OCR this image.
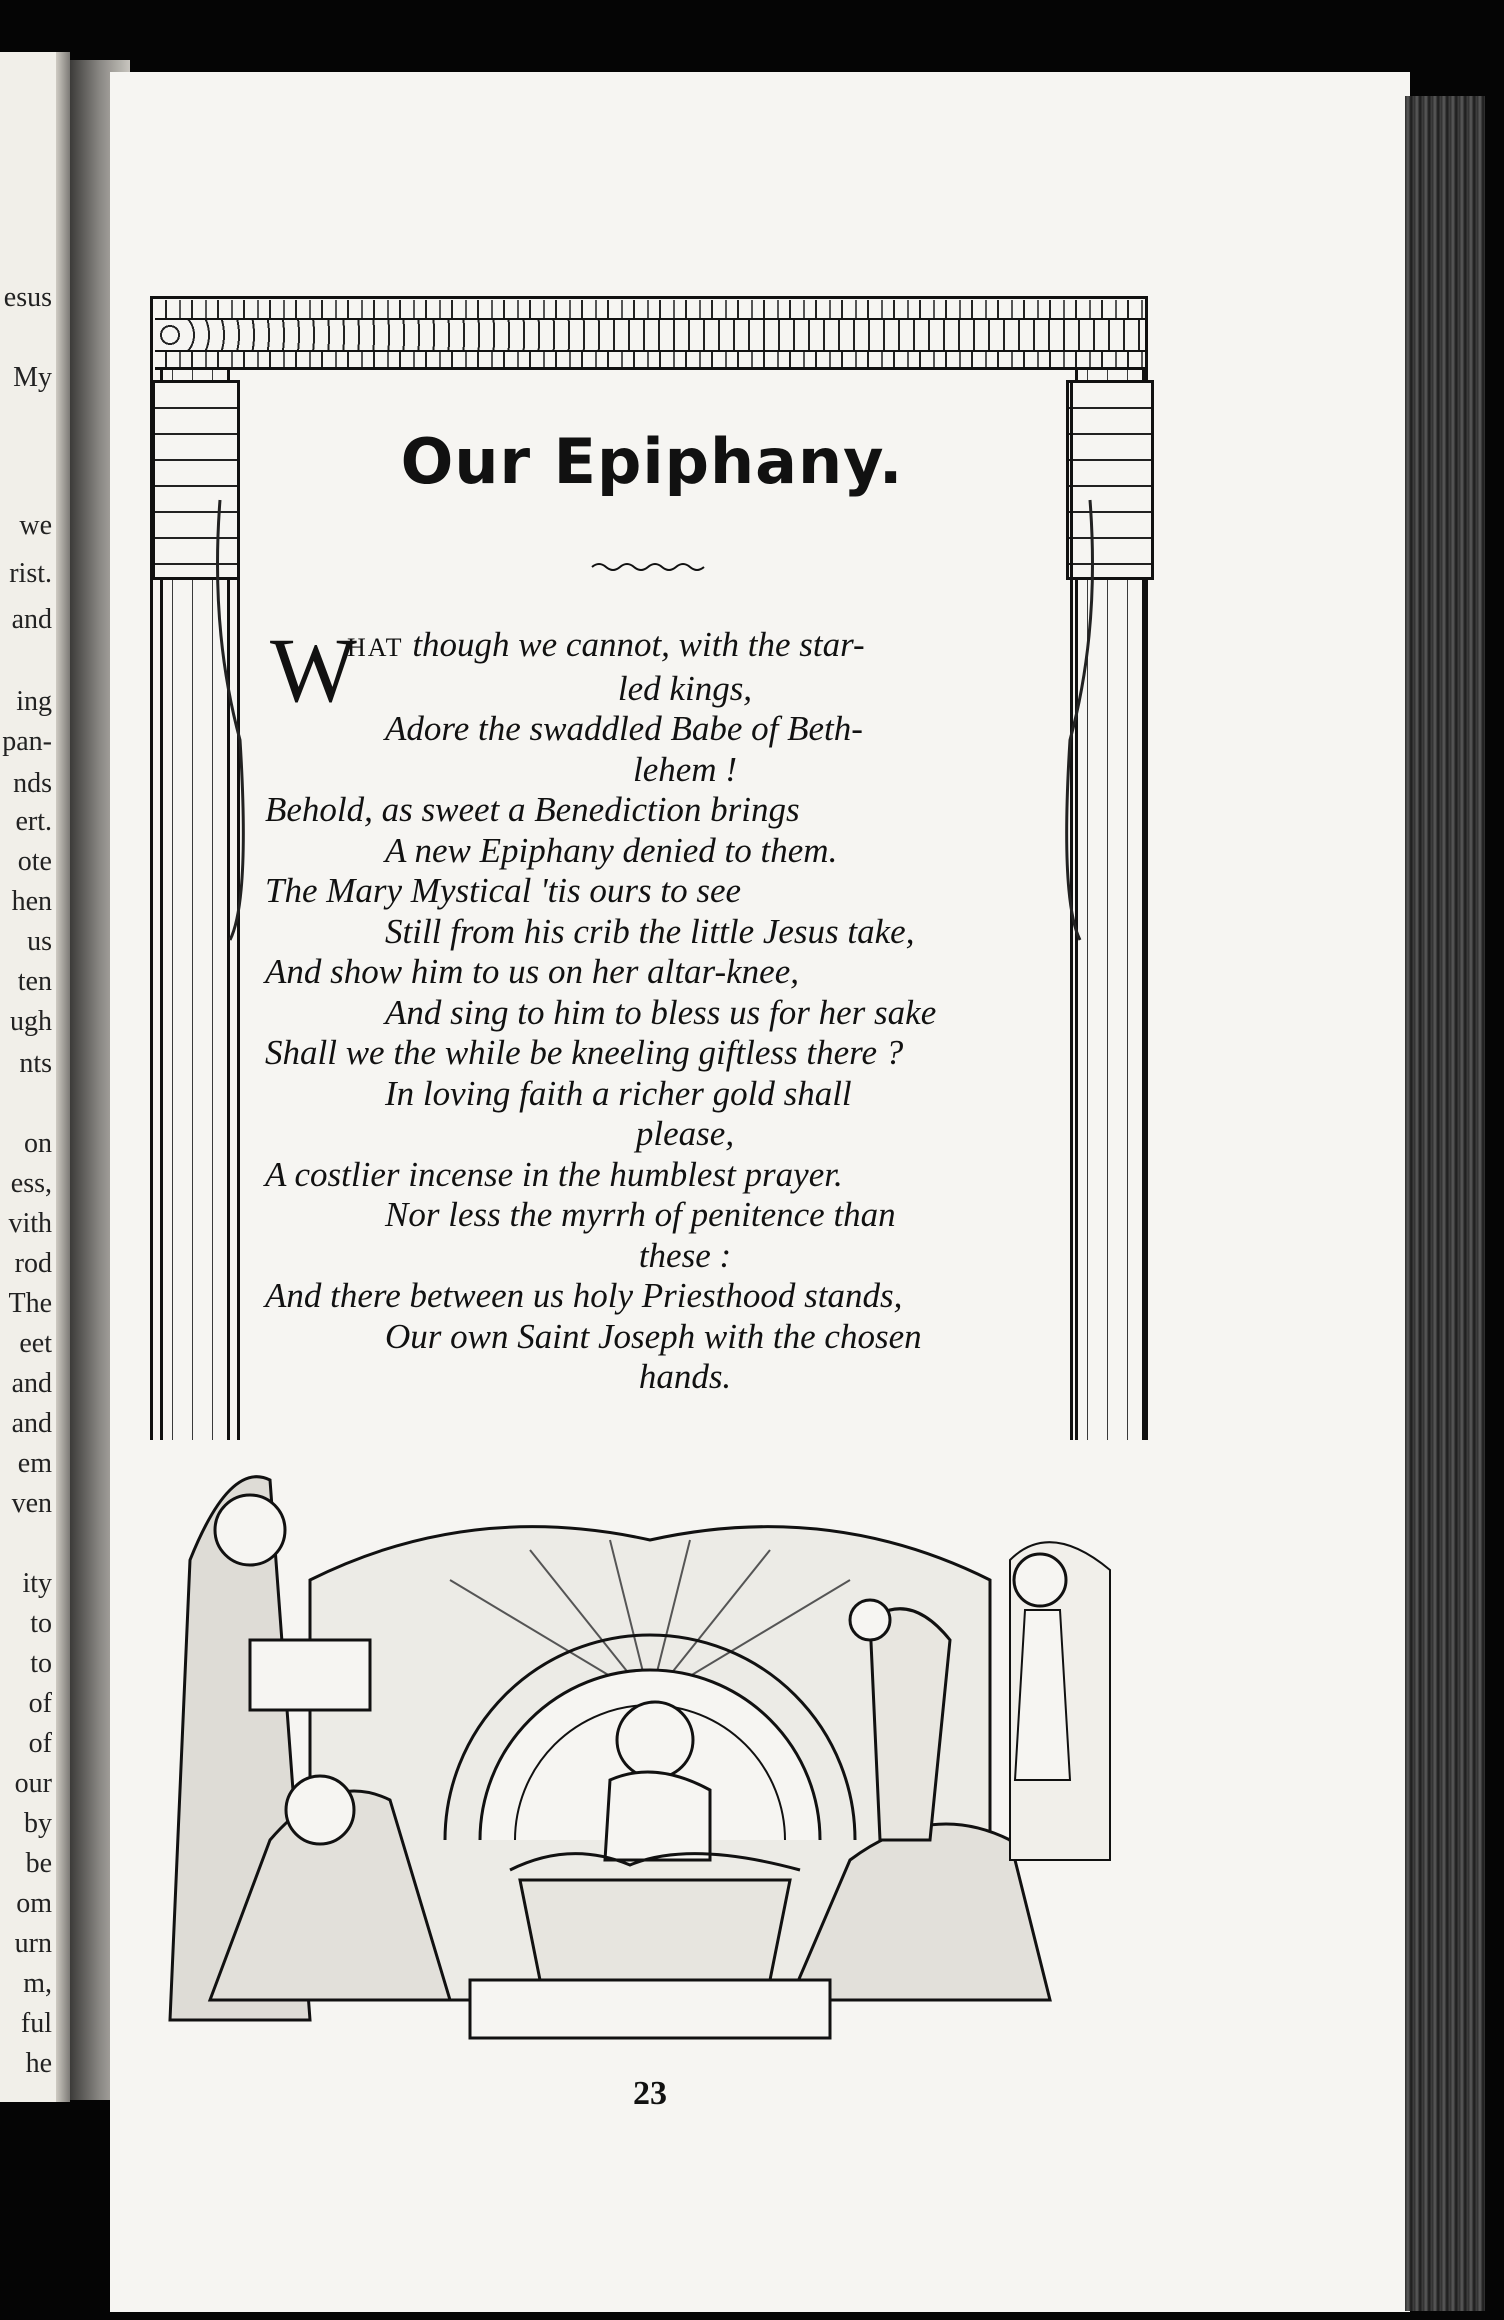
esus
My
we
rist.
and
ing
pan-
nds
ert.
ote
hen
us
ten
ugh
nts
on
ess,
vith
rod
The
eet
and
and
em
ven
ity
to
to
of
of
our
by
be
om
urn
m,
ful
he
Our Epiphany.
W
HAT though we cannot, with the star-
led kings,
Adore the swaddled Babe of Beth-
lehem !
Behold, as sweet a Benediction brings
A new Epiphany denied to them.
The Mary Mystical 'tis ours to see
Still from his crib the little Jesus take,
And show him to us on her altar-knee,
And sing to him to bless us for her sake
Shall we the while be kneeling giftless there ?
In loving faith a richer gold shall
please,
A costlier incense in the humblest prayer.
Nor less the myrrh of penitence than
these :
And there between us holy Priesthood stands,
Our own Saint Joseph with the chosen
hands.
23
